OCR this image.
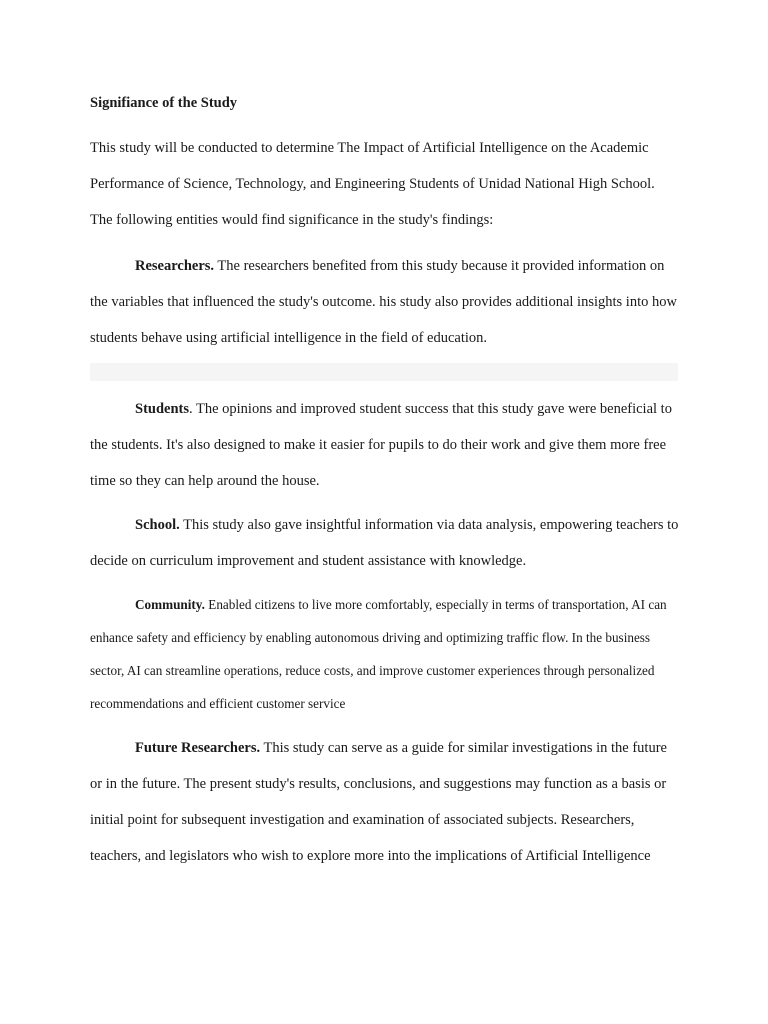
Signifiance of the Study

This study will be conducted to determine The Impact of Artificial Intelligence on the Academic Performance of Science, Technology, and Engineering Students of Unidad National High School. The following entities would find significance in the study's findings:

Researchers. The researchers benefited from this study because it provided information on the variables that influenced the study's outcome. his study also provides additional insights into how students behave using artificial intelligence in the field of education.

Students. The opinions and improved student success that this study gave were beneficial to the students. It's also designed to make it easier for pupils to do their work and give them more free time so they can help around the house.

School. This study also gave insightful information via data analysis, empowering teachers to decide on curriculum improvement and student assistance with knowledge.

Community. Enabled citizens to live more comfortably, especially in terms of transportation, AI can enhance safety and efficiency by enabling autonomous driving and optimizing traffic flow. In the business sector, AI can streamline operations, reduce costs, and improve customer experiences through personalized recommendations and efficient customer service

Future Researchers. This study can serve as a guide for similar investigations in the future or in the future. The present study's results, conclusions, and suggestions may function as a basis or initial point for subsequent investigation and examination of associated subjects. Researchers, teachers, and legislators who wish to explore more into the implications of Artificial Intelligence
